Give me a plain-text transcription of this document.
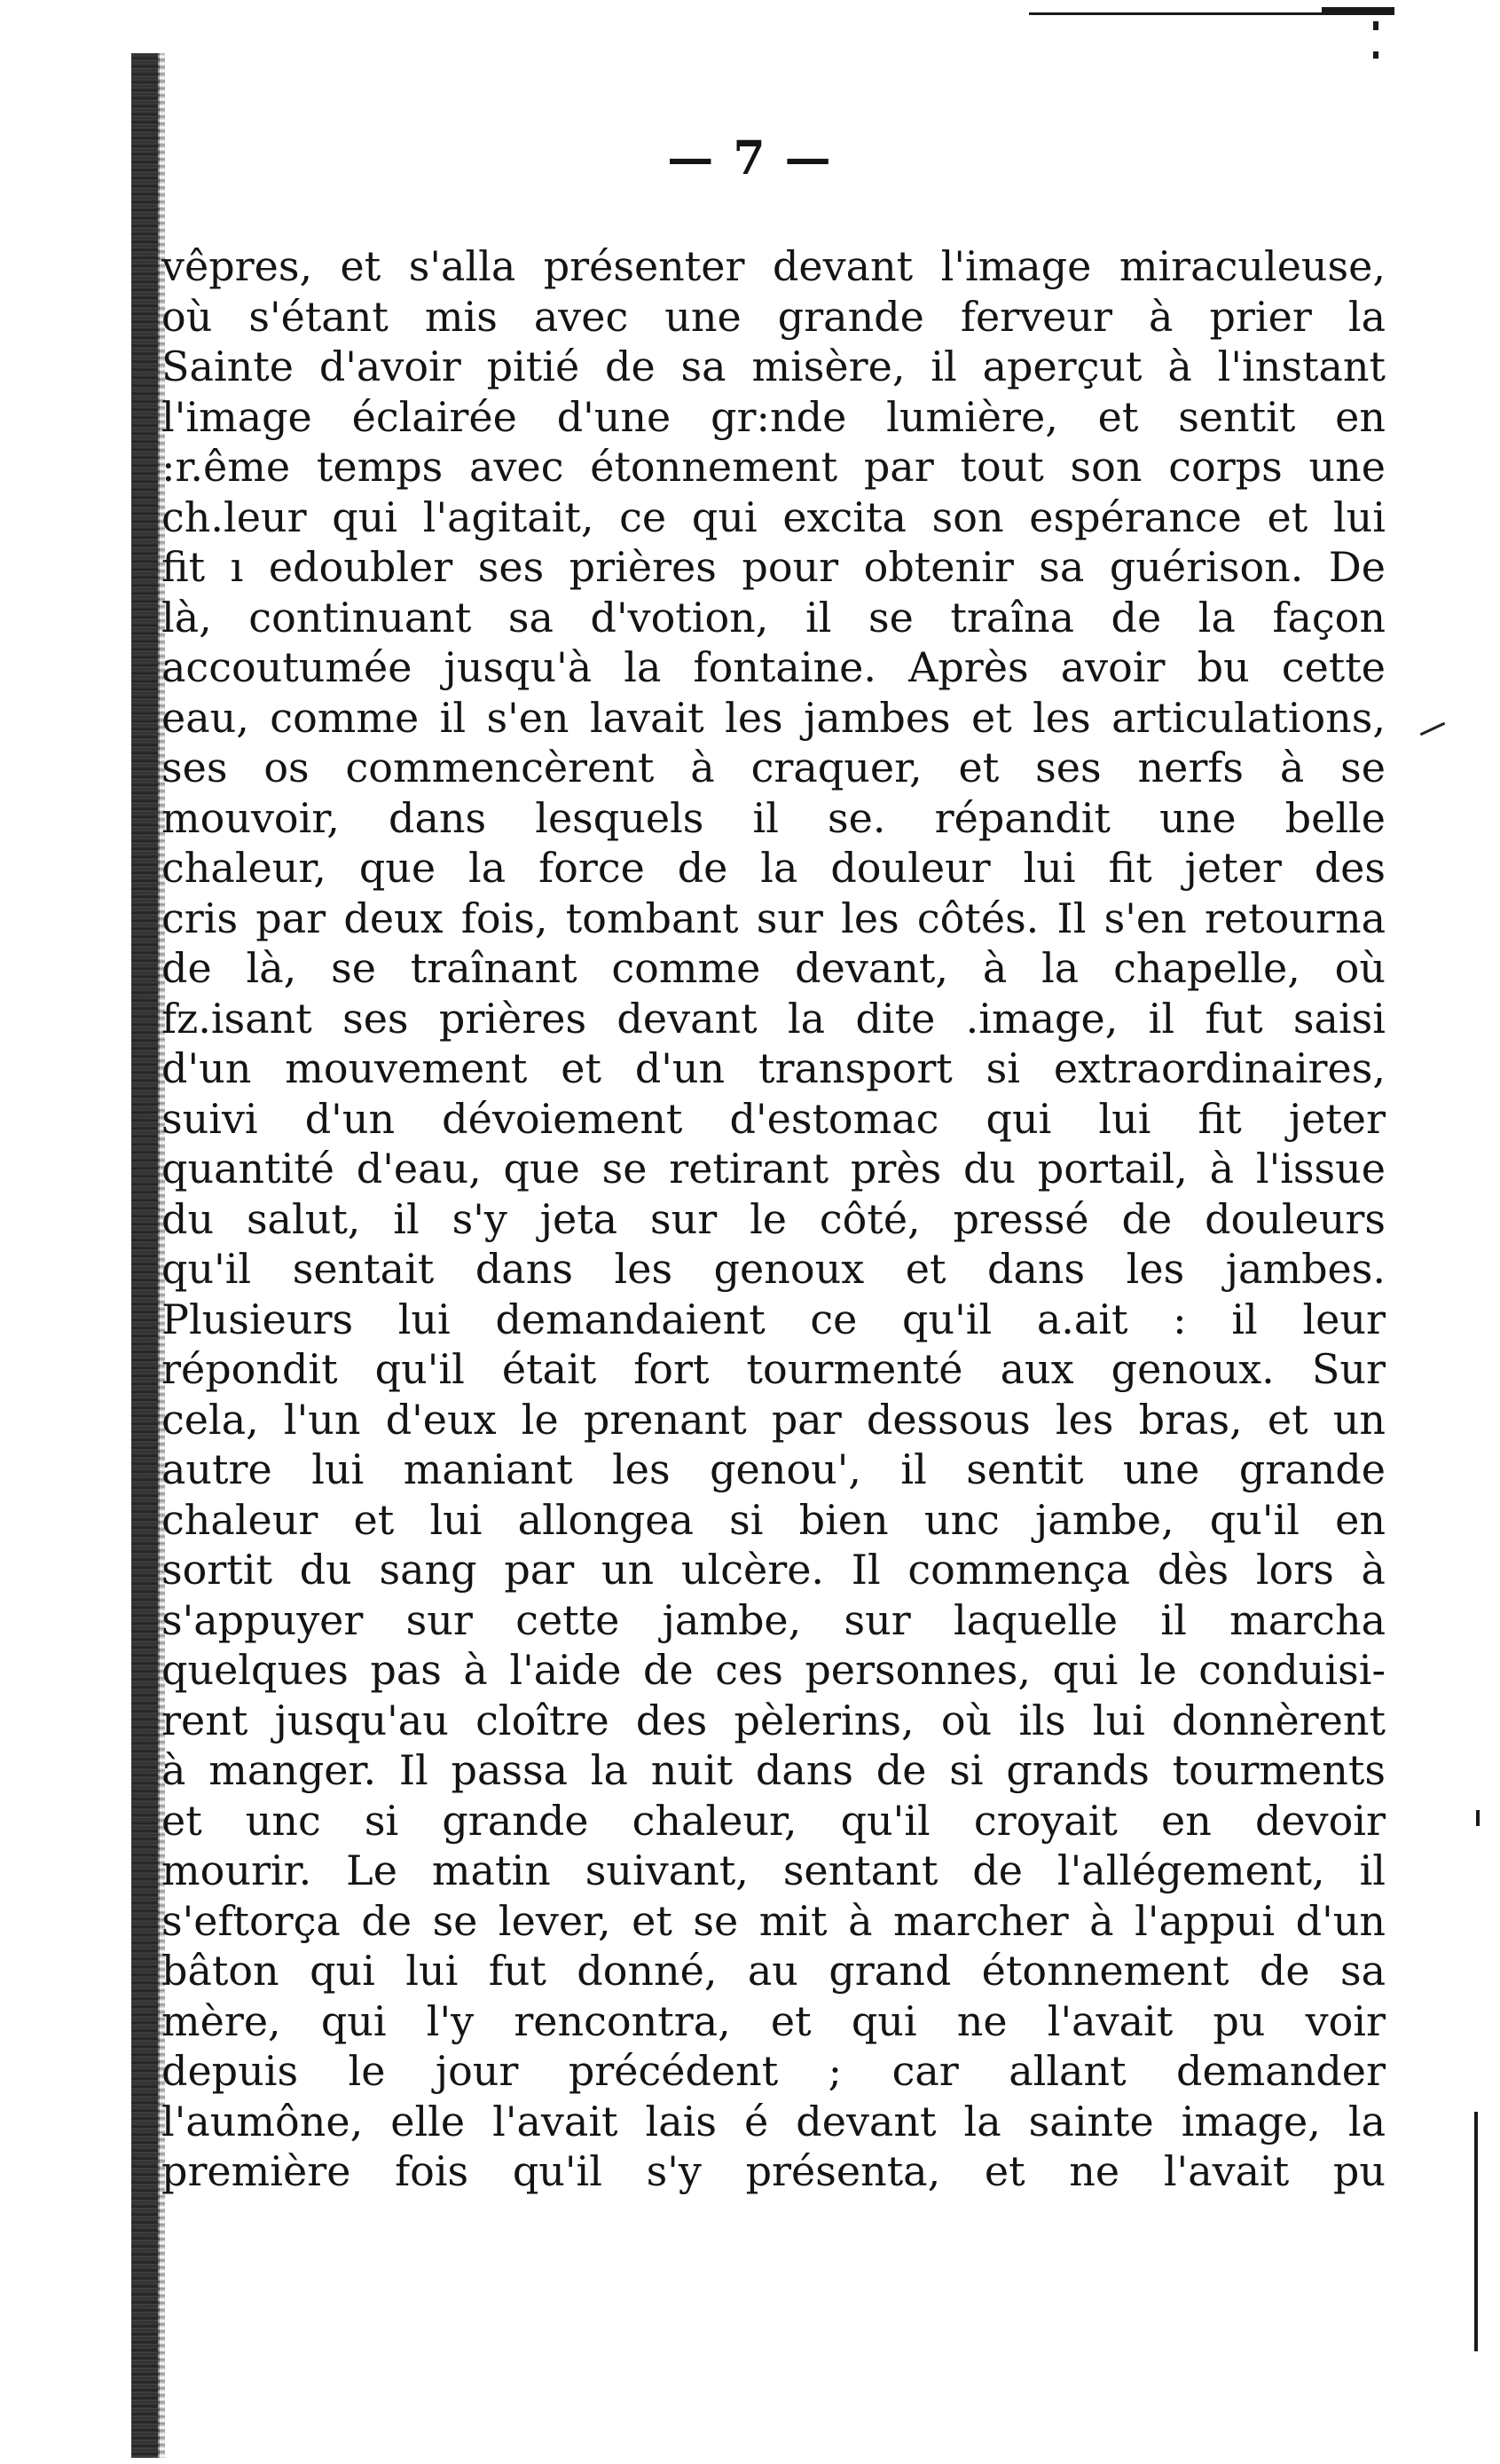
— 7 —
vêpres, et s'alla présenter devant l'image miraculeuse,
où s'étant mis avec une grande ferveur à prier la
Sainte d'avoir pitié de sa misère, il aperçut à l'instant
l'image éclairée d'une gr:nde lumière, et sentit en
:r.ême temps avec étonnement par tout son corps une
ch.leur qui l'agitait, ce qui excita son espérance et lui
fit ı edoubler ses prières pour obtenir sa guérison. De
là, continuant sa d'votion, il se traîna de la façon
accoutumée jusqu'à la fontaine. Après avoir bu cette
eau, comme il s'en lavait les jambes et les articulations,
ses os commencèrent à craquer, et ses nerfs à se
mouvoir, dans lesquels il se. répandit une belle
chaleur, que la force de la douleur lui fit jeter des
cris par deux fois, tombant sur les côtés. Il s'en retourna
de là, se traînant comme devant, à la chapelle, où
fz.isant ses prières devant la dite .image, il fut saisi
d'un mouvement et d'un transport si extraordinaires,
suivi d'un dévoiement d'estomac qui lui fit jeter
quantité d'eau, que se retirant près du portail, à l'issue
du salut, il s'y jeta sur le côté, pressé de douleurs
qu'il sentait dans les genoux et dans les jambes.
Plusieurs lui demandaient ce qu'il a.ait : il leur
répondit qu'il était fort tourmenté aux genoux. Sur
cela, l'un d'eux le prenant par dessous les bras, et un
autre lui maniant les genou', il sentit une grande
chaleur et lui allongea si bien unc jambe, qu'il en
sortit du sang par un ulcère. Il commença dès lors à
s'appuyer sur cette jambe, sur laquelle il marcha
quelques pas à l'aide de ces personnes, qui le conduisi-
rent jusqu'au cloître des pèlerins, où ils lui donnèrent
à manger. Il passa la nuit dans de si grands tourments
et unc si grande chaleur, qu'il croyait en devoir
mourir. Le matin suivant, sentant de l'allégement, il
s'eftorça de se lever, et se mit à marcher à l'appui d'un
bâton qui lui fut donné, au grand étonnement de sa
mère, qui l'y rencontra, et qui ne l'avait pu voir
depuis le jour précédent ; car allant demander
l'aumône, elle l'avait lais é devant la sainte image, la
première fois qu'il s'y présenta, et ne l'avait pu
